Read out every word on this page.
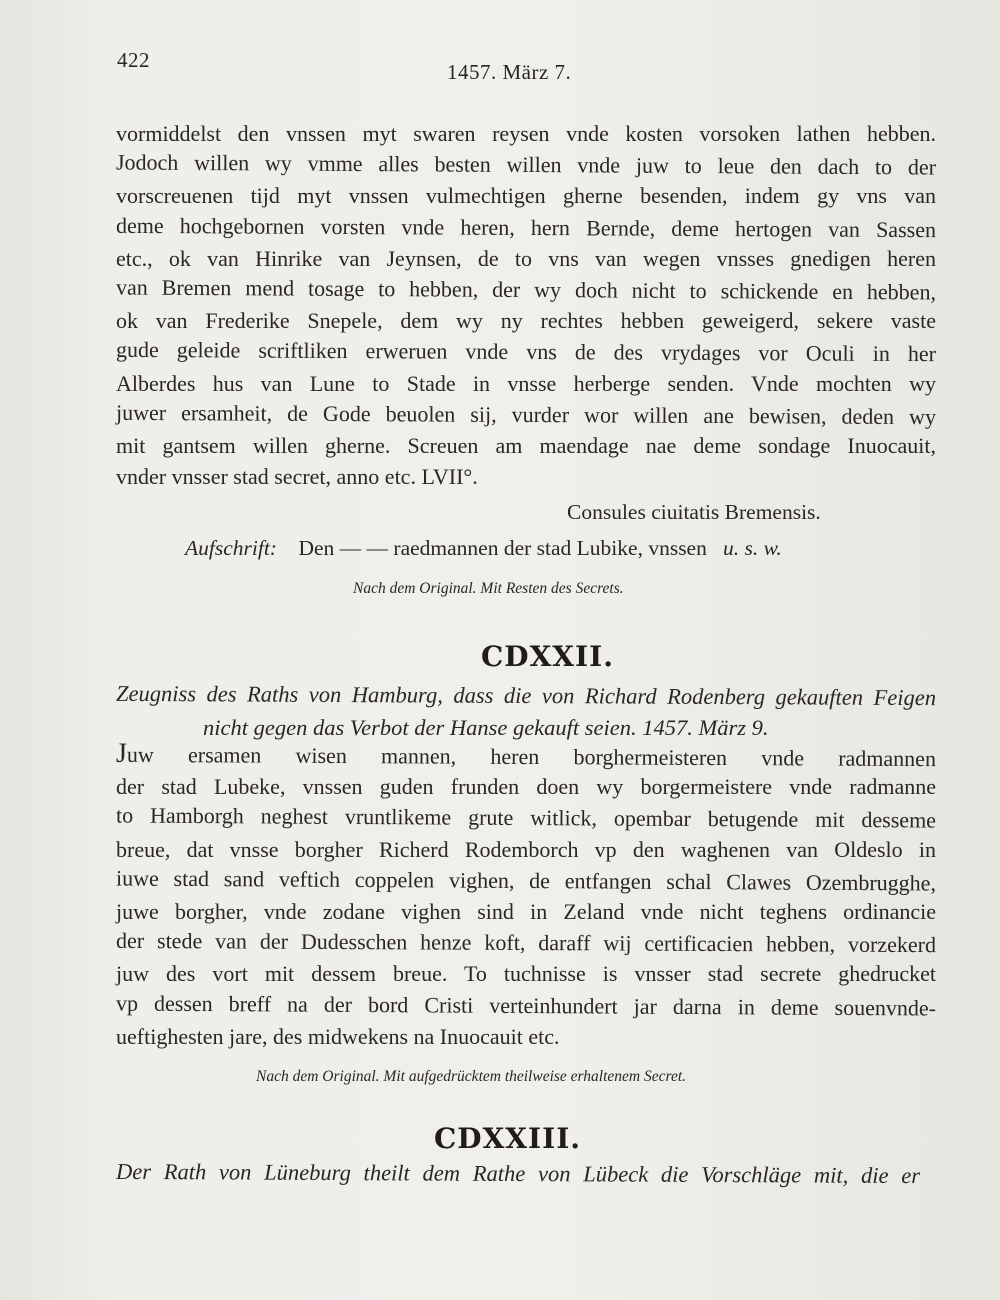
422	1457. März 7.
vormiddelst den vnssen myt swaren reysen vnde kosten vorsoken lathen hebben.
Jodoch willen wy vmme alles besten willen vnde juw to leue den dach to der
vorscreuenen tijd myt vnssen vulmechtigen gherne besenden, indem gy vns van
deme hochgebornen vorsten vnde heren, hern Bernde, deme hertogen van Sassen
etc., ok van Hinrike van Jeynsen, de to vns van wegen vnsses gnedigen heren
van Bremen mend tosage to hebben, der wy doch nicht to schickende en hebben,
ok van Frederike Snepele, dem wy ny rechtes hebben geweigerd, sekere vaste
gude geleide scriftliken erweruen vnde vns de des vrydages vor Oculi in her
Alberdes hus van Lune to Stade in vnsse herberge senden. Vnde mochten wy
juwer ersamheit, de Gode beuolen sij, vurder wor willen ane bewisen, deden wy
mit gantsem willen gherne. Screuen am maendage nae deme sondage Inuocauit,
vnder vnsser stad secret, anno etc. LVII°.
Consules ciuitatis Bremensis.
Aufschrift: Den — — raedmannen der stad Lubike, vnssen u. s. w.
Nach dem Original. Mit Resten des Secrets.
CDXXII.
Zeugniss des Raths von Hamburg, dass die von Richard Rodenberg gekauften Feigen
nicht gegen das Verbot der Hanse gekauft seien. 1457. März 9.
Juw ersamen wisen mannen, heren borghermeisteren vnde radmannen
der stad Lubeke, vnssen guden frunden doen wy borgermeistere vnde radmanne
to Hamborgh neghest vruntlikeme grute witlick, opembar betugende mit desseme
breue, dat vnsse borgher Richerd Rodemborch vp den waghenen van Oldeslo in
iuwe stad sand veftich coppelen vighen, de entfangen schal Clawes Ozembrugghe,
juwe borgher, vnde zodane vighen sind in Zeland vnde nicht teghens ordinancie
der stede van der Dudesschen henze koft, daraff wij certificacien hebben, vorzekerd
juw des vort mit dessem breue. To tuchnisse is vnsser stad secrete ghedrucket
vp dessen breff na der bord Cristi verteinhundert jar darna in deme souenvnde-
ueftighesten jare, des midwekens na Inuocauit etc.
Nach dem Original. Mit aufgedrücktem theilweise erhaltenem Secret.
CDXXIII.
Der Rath von Lüneburg theilt dem Rathe von Lübeck die Vorschläge mit, die er
